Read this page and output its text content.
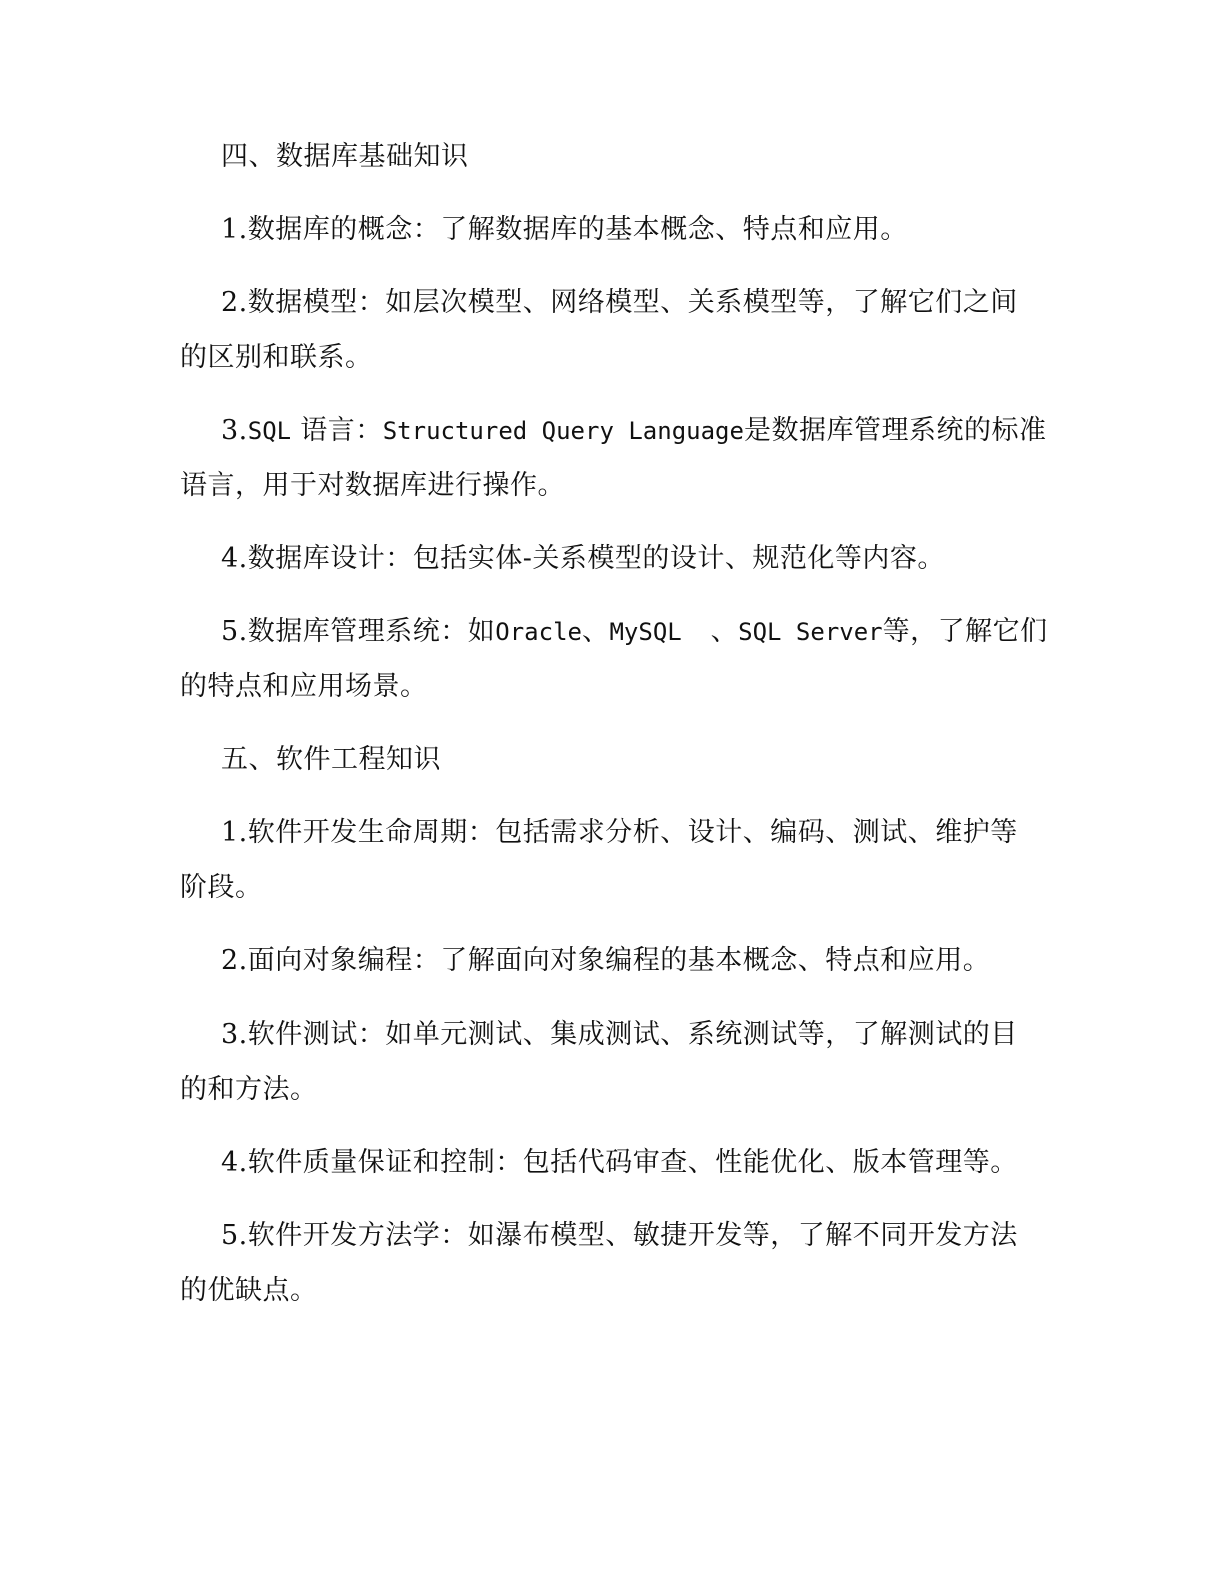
四、数据库基础知识
1.数据库的概念：了解数据库的基本概念、特点和应用。
2.数据模型：如层次模型、网络模型、关系模型等，了解它们之间
的区别和联系。
3.SQL 语言：Structured Query Language是数据库管理系统的标准
语言，用于对数据库进行操作。
4.数据库设计：包括实体-关系模型的设计、规范化等内容。
5.数据库管理系统：如Oracle、MySQL  、SQL Server等，了解它们
的特点和应用场景。
五、软件工程知识
1.软件开发生命周期：包括需求分析、设计、编码、测试、维护等
阶段。
2.面向对象编程：了解面向对象编程的基本概念、特点和应用。
3.软件测试：如单元测试、集成测试、系统测试等，了解测试的目
的和方法。
4.软件质量保证和控制：包括代码审查、性能优化、版本管理等。
5.软件开发方法学：如瀑布模型、敏捷开发等，了解不同开发方法
的优缺点。
